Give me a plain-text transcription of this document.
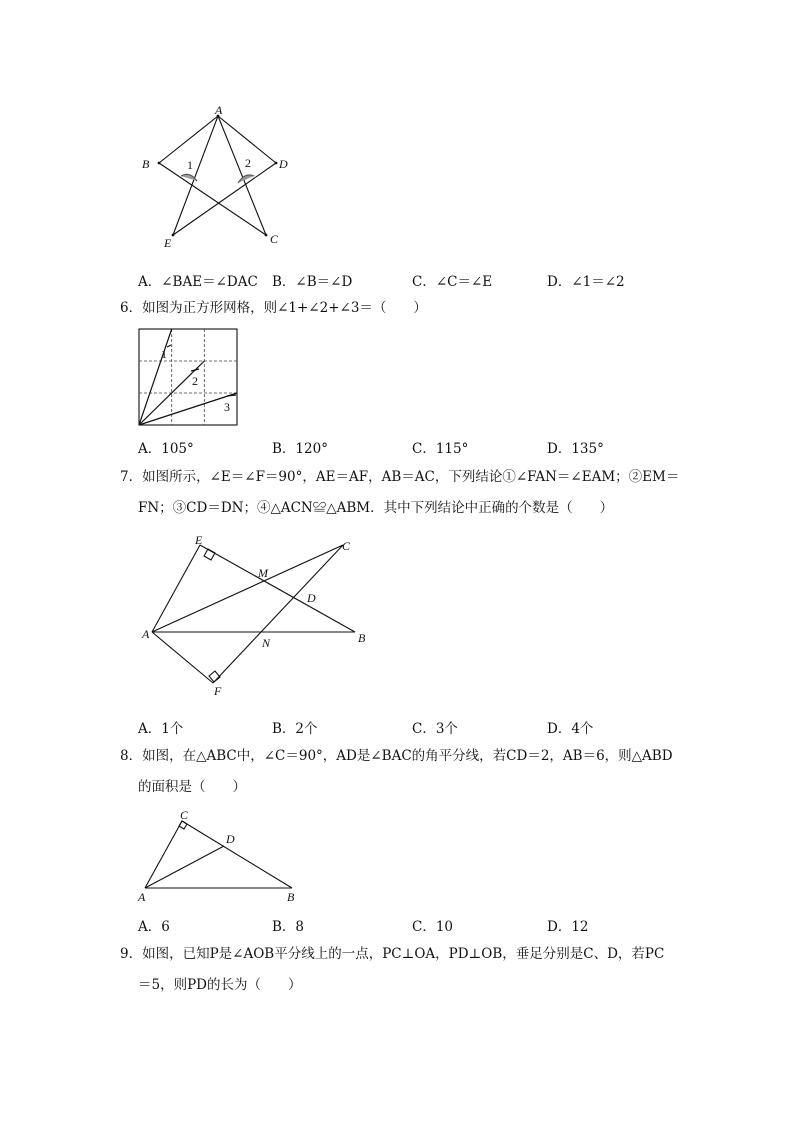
A
B	D
E	C
1	2
A．∠BAE＝∠DAC B．∠B＝∠D	C．∠C＝∠E	D．∠1＝∠2
6．如图为正方形网格，则∠1+∠2+∠3＝（　　）
1
2
3
A．105°	B．120°	C．115°	D．135°
7．如图所示，∠E＝∠F＝90°，AE＝AF，AB＝AC，下列结论①∠FAN＝∠EAM；②EM＝
FN；③CD＝DN；④△ACN≌△ABM．其中下列结论中正确的个数是（　　）
E	C
M
D
A
N	B
F
A．1个	B．2个	C．3个	D．4个
8．如图，在△ABC中，∠C＝90°，AD是∠BAC的角平分线，若CD＝2，AB＝6，则△ABD
的面积是（　　）
C
D
A	B
A．6	B．8	C．10	D．12
9．如图，已知P是∠AOB平分线上的一点，PC⊥OA，PD⊥OB，垂足分别是C、D，若PC
＝5，则PD的长为（　　）
